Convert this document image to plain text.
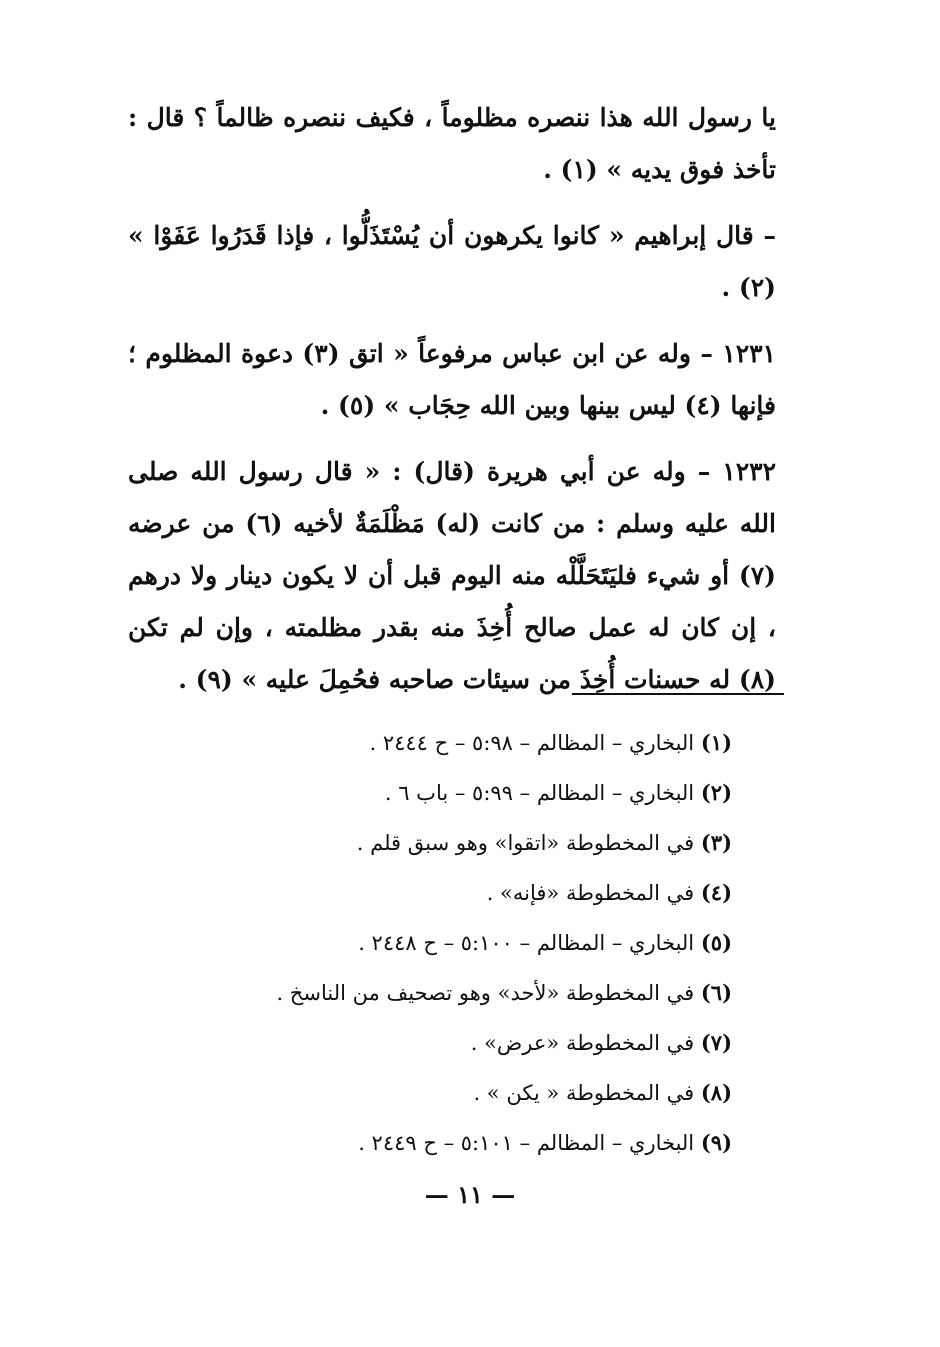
يا رسول الله هذا ننصره مظلوماً ، فكيف ننصره ظالماً ؟ قال : تأخذ فوق يديه » (١) .

– قال إبراهيم « كانوا يكرهون أن يُسْتَذَلُّوا ، فإذا قَدَرُوا عَفَوْا » (٢) .

١٢٣١ – وله عن ابن عباس مرفوعاً « اتق (٣) دعوة المظلوم ؛ فإنها (٤) ليس بينها وبين الله حِجَاب » (٥) .

١٢٣٢ – وله عن أبي هريرة (قال) : « قال رسول الله صلى الله عليه وسلم : من كانت (له) مَظْلَمَةٌ لأخيه (٦) من عرضه (٧) أو شيء فليَتَحَلَّلْه منه اليوم قبل أن لا يكون دينار ولا درهم ، إن كان له عمل صالح أُخِذَ منه بقدر مظلمته ، وإن لم تكن (٨) له حسنات أُخِذَ من سيئات صاحبه فحُمِلَ عليه » (٩) .

(١) البخاري – المظالم – ٥:٩٨ – ح ٢٤٤٤ .
(٢) البخاري – المظالم – ٥:٩٩ – باب ٦ .
(٣) في المخطوطة «اتقوا» وهو سبق قلم .
(٤) في المخطوطة «فإنه» .
(٥) البخاري – المظالم – ٥:١٠٠ – ح ٢٤٤٨ .
(٦) في المخطوطة «لأحد» وهو تصحيف من الناسخ .
(٧) في المخطوطة «عرض» .
(٨) في المخطوطة « يكن » .
(٩) البخاري – المظالم – ٥:١٠١ – ح ٢٤٤٩ .
— ١١ —
